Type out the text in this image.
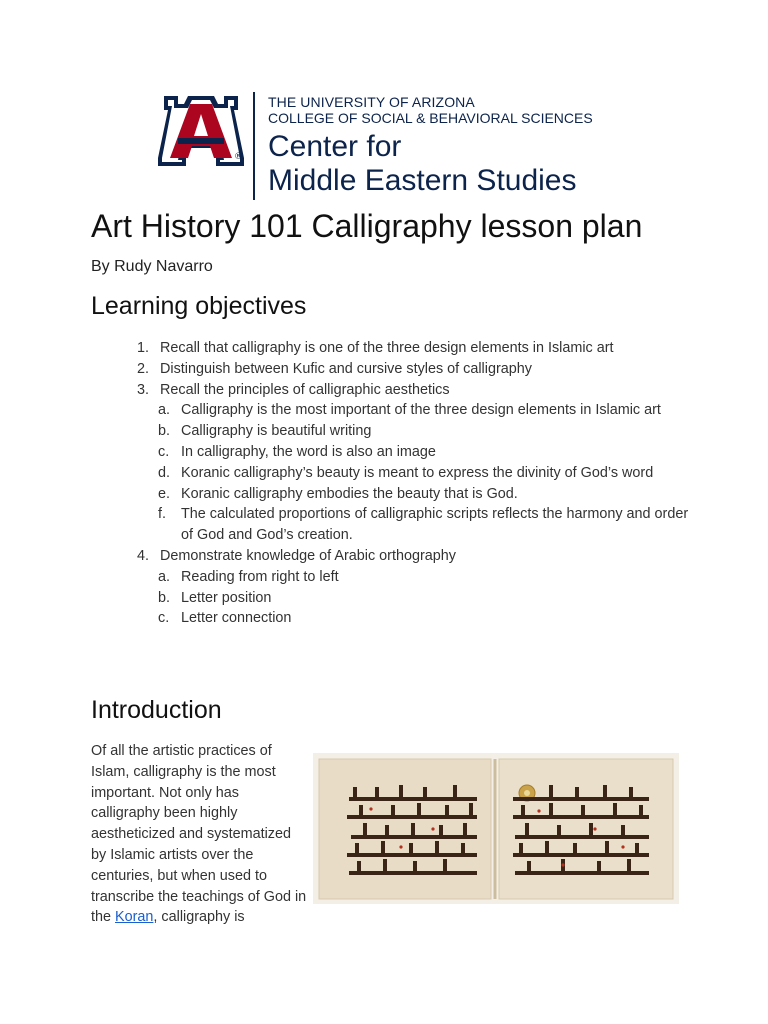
®
THE UNIVERSITY OF ARIZONA
COLLEGE OF SOCIAL & BEHAVIORAL SCIENCES
Center for
Middle Eastern Studies
Art History 101 Calligraphy lesson plan
By Rudy Navarro
Learning objectives
1. Recall that calligraphy is one of the three design elements in Islamic art
2. Distinguish between Kufic and cursive styles of calligraphy
3. Recall the principles of calligraphic aesthetics
a. Calligraphy is the most important of the three design elements in Islamic art
b. Calligraphy is beautiful writing
c. In calligraphy, the word is also an image
d. Koranic calligraphy’s beauty is meant to express the divinity of God’s word
e. Koranic calligraphy embodies the beauty that is God.
f. The calculated proportions of calligraphic scripts reflects the harmony and order of God and God’s creation.
4. Demonstrate knowledge of Arabic orthography
a. Reading from right to left
b. Letter position
c. Letter connection
Introduction
Of all the artistic practices of Islam, calligraphy is the most important. Not only has calligraphy been highly aestheticized and systematized by Islamic artists over the centuries, but when used to transcribe the teachings of God in the Koran, calligraphy is
